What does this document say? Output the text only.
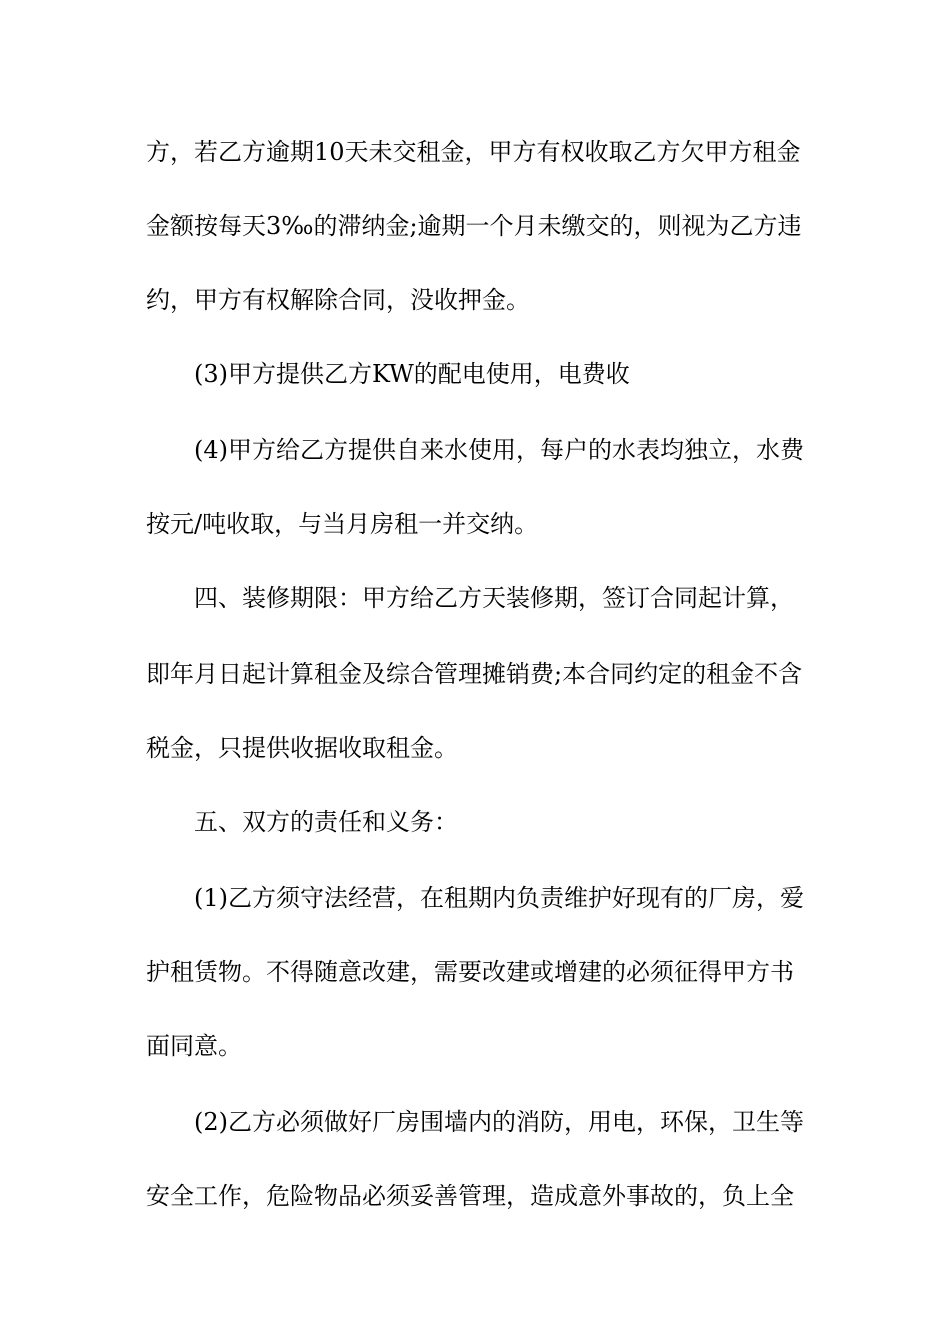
方，若乙方逾期10天未交租金，甲方有权收取乙方欠甲方租金
金额按每天3‰的滞纳金;逾期一个月未缴交的，则视为乙方违
约，甲方有权解除合同，没收押金。
(3)甲方提供乙方KW的配电使用，电费收
(4)甲方给乙方提供自来水使用，每户的水表均独立，水费
按元/吨收取，与当月房租一并交纳。
四、装修期限：甲方给乙方天装修期，签订合同起计算，
即年月日起计算租金及综合管理摊销费;本合同约定的租金不含
税金，只提供收据收取租金。
五、双方的责任和义务：
(1)乙方须守法经营，在租期内负责维护好现有的厂房，爱
护租赁物。不得随意改建，需要改建或增建的必须征得甲方书
面同意。
(2)乙方必须做好厂房围墙内的消防，用电，环保，卫生等
安全工作，危险物品必须妥善管理，造成意外事故的，负上全
